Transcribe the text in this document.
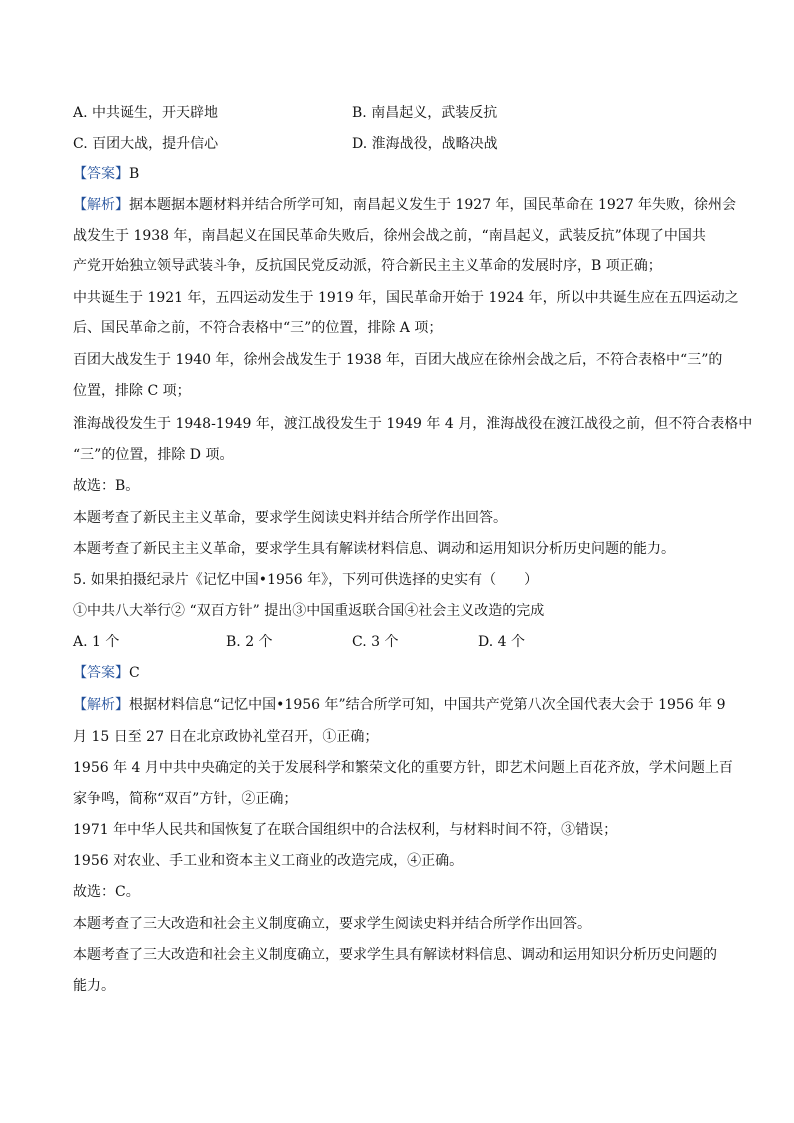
A. 中共诞生，开天辟地	B. 南昌起义，武装反抗
C. 百团大战，提升信心	D. 淮海战役，战略决战
【答案】B
【解析】据本题据本题材料并结合所学可知，南昌起义发生于 1927 年，国民革命在 1927 年失败，徐州会
战发生于 1938 年，南昌起义在国民革命失败后，徐州会战之前，“南昌起义，武装反抗”体现了中国共
产党开始独立领导武装斗争，反抗国民党反动派，符合新民主主义革命的发展时序，B 项正确；
中共诞生于 1921 年，五四运动发生于 1919 年，国民革命开始于 1924 年，所以中共诞生应在五四运动之
后、国民革命之前，不符合表格中“三”的位置，排除 A 项；
百团大战发生于 1940 年，徐州会战发生于 1938 年，百团大战应在徐州会战之后，不符合表格中“三”的
位置，排除 C 项；
淮海战役发生于 1948-1949 年，渡江战役发生于 1949 年 4 月，淮海战役在渡江战役之前，但不符合表格中
“三”的位置，排除 D 项。
故选：B。
本题考查了新民主主义革命，要求学生阅读史料并结合所学作出回答。
本题考查了新民主主义革命，要求学生具有解读材料信息、调动和运用知识分析历史问题的能力。
5. 如果拍摄纪录片《记忆中国•1956 年》，下列可供选择的史实有（　　）
①中共八大举行② “双百方针” 提出③中国重返联合国④社会主义改造的完成
A. 1 个	B. 2 个	C. 3 个	D. 4 个
【答案】C
【解析】根据材料信息“记忆中国•1956 年”结合所学可知，中国共产党第八次全国代表大会于 1956 年 9
月 15 日至 27 日在北京政协礼堂召开，①正确；
1956 年 4 月中共中央确定的关于发展科学和繁荣文化的重要方针，即艺术问题上百花齐放，学术问题上百
家争鸣，简称“双百”方针，②正确；
1971 年中华人民共和国恢复了在联合国组织中的合法权利，与材料时间不符，③错误；
1956 对农业、手工业和资本主义工商业的改造完成，④正确。
故选：C。
本题考查了三大改造和社会主义制度确立，要求学生阅读史料并结合所学作出回答。
本题考查了三大改造和社会主义制度确立，要求学生具有解读材料信息、调动和运用知识分析历史问题的
能力。
